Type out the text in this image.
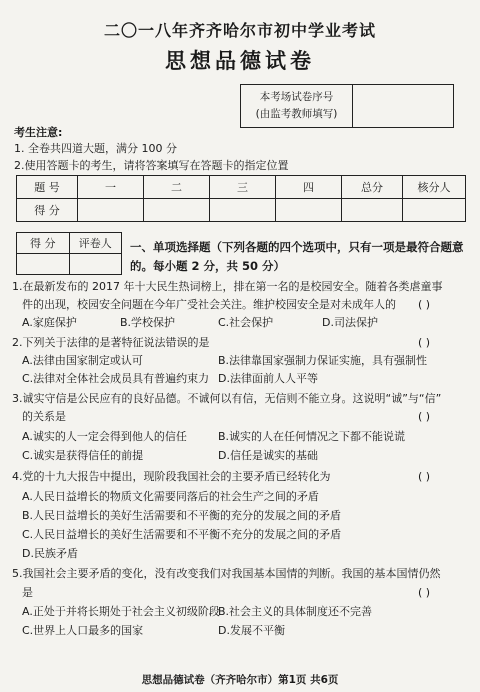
二〇一八年齐齐哈尔市初中学业考试
思想品德试卷
本考场试卷序号
(由监考教师填写)
考生注意:
1. 全卷共四道大题，满分 100 分
2.使用答题卡的考生，请将答案填写在答题卡的指定位置
题 号	一	二	三	四	总分	核分人
得 分						
得 分	评卷人
	一、单项选择题（下列各题的四个选项中，只有一项是最符合题意
的。每小题 2 分，共 50 分）
1.在最新发布的 2017 年十大民生热词榜上，排在第一名的是校园安全。随着各类虐童事
件的出现，校园安全问题在今年广受社会关注。维护校园安全是对未成年人的 ( )
A.家庭保护	B.学校保护	C.社会保护	D.司法保护
2.下列关于法律的是著特征说法错误的是	( )
A.法律由国家制定或认可	B.法律靠国家强制力保证实施，具有强制性
C.法律对全体社会成员具有普遍约束力 D.法律面前人人平等
3.诚实守信是公民应有的良好品德。不诚何以有信，无信则不能立身。这说明“诚”与“信”
的关系是	( )
A.诚实的人一定会得到他人的信任	B.诚实的人在任何情况之下都不能说谎
C.诚实是获得信任的前提	D.信任是诚实的基础
4.党的十九大报告中提出，现阶段我国社会的主要矛盾已经转化为	( )
A.人民日益增长的物质文化需要同落后的社会生产之间的矛盾
B.人民日益增长的美好生活需要和不平衡的充分的发展之间的矛盾
C.人民日益增长的美好生活需要和不平衡不充分的发展之间的矛盾
D.民族矛盾
5.我国社会主要矛盾的变化，没有改变我们对我国基本国情的判断。我国的基本国情仍然
是	( )
A.正处于并将长期处于社会主义初级阶段
B.社会主义的具体制度还不完善
C.世界上人口最多的国家	D.发展不平衡
思想品德试卷（齐齐哈尔市）第1页 共6页
